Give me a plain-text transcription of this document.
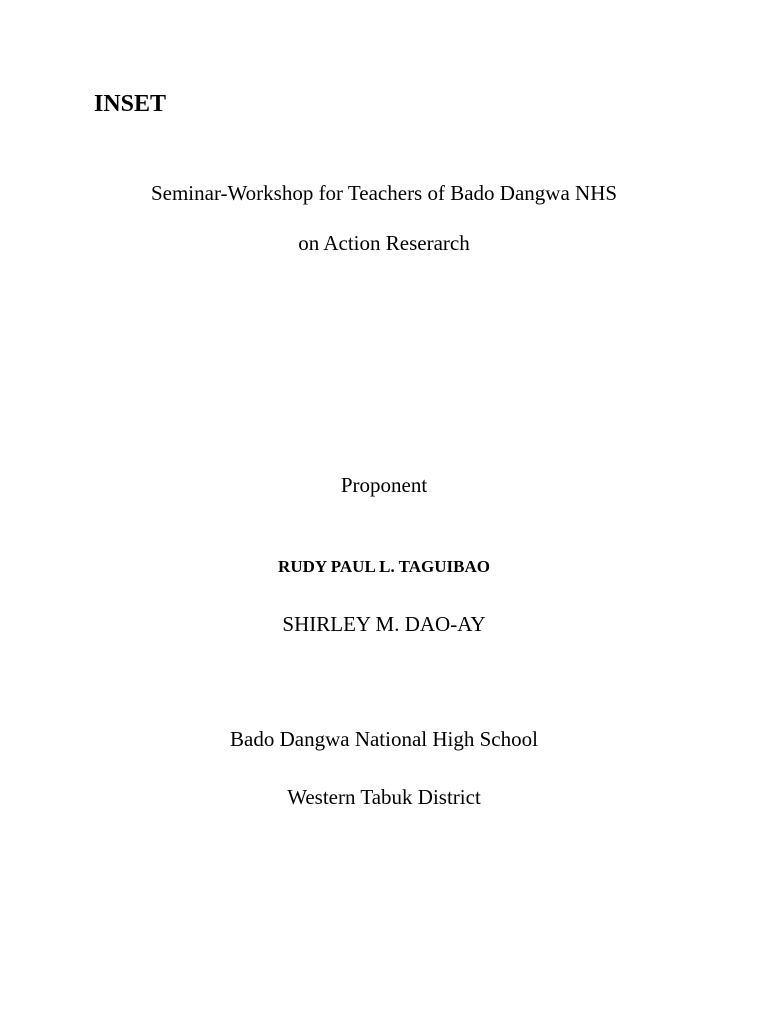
INSET
Seminar-Workshop for Teachers of Bado Dangwa NHS
on Action Reserarch
Proponent
RUDY PAUL L. TAGUIBAO
SHIRLEY M. DAO-AY
Bado Dangwa National High School
Western Tabuk District
